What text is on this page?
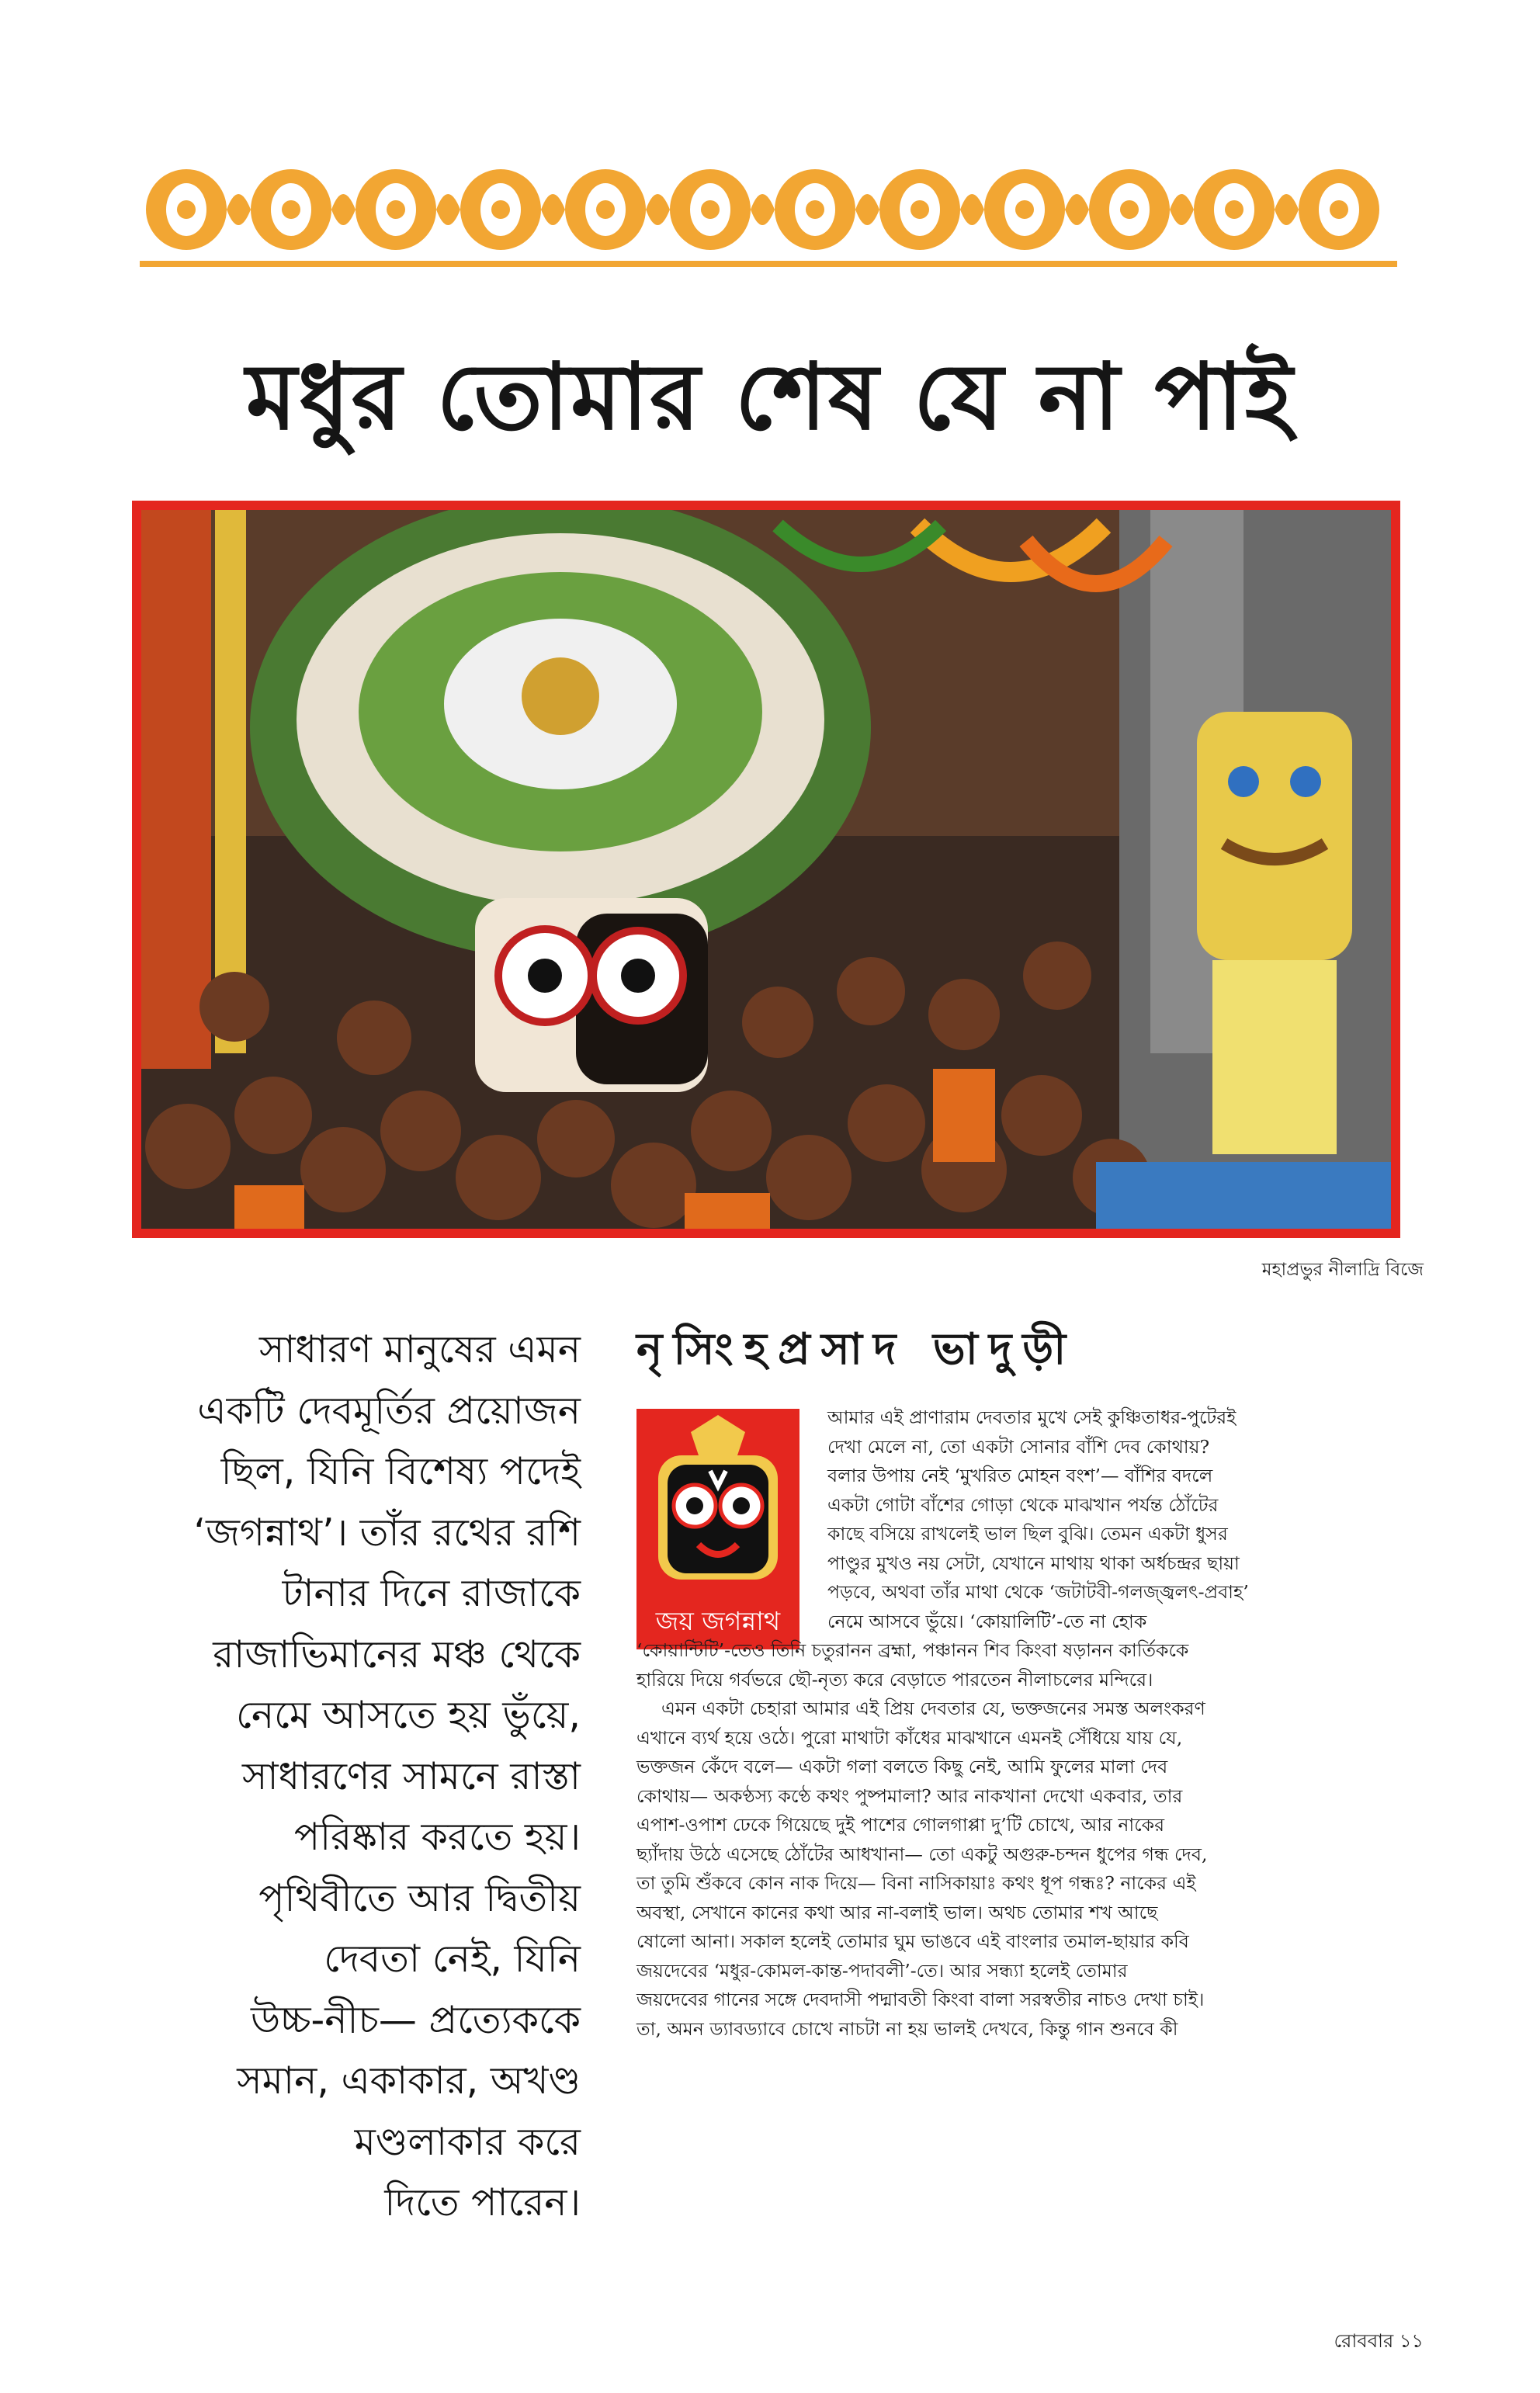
মধুর তোমার শেষ যে না পাই
মহাপ্রভুর নীলাদ্রি বিজে
সাধারণ মানুষের এমন
একটি দেবমূর্তির প্রয়োজন
ছিল, যিনি বিশেষ্য পদেই
‘জগন্নাথ’। তাঁর রথের রশি
টানার দিনে রাজাকে
রাজাভিমানের মঞ্চ থেকে
নেমে আসতে হয় ভুঁয়ে,
সাধারণের সামনে রাস্তা
পরিষ্কার করতে হয়।
পৃথিবীতে আর দ্বিতীয়
দেবতা নেই, যিনি
উচ্চ-নীচ— প্রত্যেককে
সমান, একাকার, অখণ্ড
মণ্ডলাকার করে
দিতে পারেন।
নৃসিংহপ্রসাদ ভাদুড়ী
জয় জগন্নাথ
আমার এই প্রাণারাম দেবতার মুখে সেই কুঞ্চিতাধর-পুটেরই
দেখা মেলে না, তো একটা সোনার বাঁশি দেব কোথায়?
বলার উপায় নেই ‘মুখরিত মোহন বংশ’— বাঁশির বদলে
একটা গোটা বাঁশের গোড়া থেকে মাঝখান পর্যন্ত ঠোঁটের
কাছে বসিয়ে রাখলেই ভাল ছিল বুঝি। তেমন একটা ধুসর
পাণ্ডুর মুখও নয় সেটা, যেখানে মাথায় থাকা অর্ধচন্দ্রর ছায়া
পড়বে, অথবা তাঁর মাথা থেকে ‘জটাটবী-গলজ্জ্বলৎ-প্রবাহ’
নেমে আসবে ভুঁয়ে। ‘কোয়ালিটি’-তে না হোক
‘কোয়ান্টিটি’-তেও তিনি চতুরানন ব্রহ্মা, পঞ্চানন শিব কিংবা ষড়ানন কার্তিককে
হারিয়ে দিয়ে গর্বভরে ছৌ-নৃত্য করে বেড়াতে পারতেন নীলাচলের মন্দিরে।
এমন একটা চেহারা আমার এই প্রিয় দেবতার যে, ভক্তজনের সমস্ত অলংকরণ
এখানে ব্যর্থ হয়ে ওঠে। পুরো মাথাটা কাঁধের মাঝখানে এমনই সেঁধিয়ে যায় যে,
ভক্তজন কেঁদে বলে— একটা গলা বলতে কিছু নেই, আমি ফুলের মালা দেব
কোথায়— অকণ্ঠস্য কণ্ঠে কথং পুষ্পমালা? আর নাকখানা দেখো একবার, তার
এপাশ-ওপাশ ঢেকে গিয়েছে দুই পাশের গোলগাপ্পা দু’টি চোখে, আর নাকের
ছ্যাঁদায় উঠে এসেছে ঠোঁটের আধখানা— তো একটু অগুরু-চন্দন ধুপের গন্ধ দেব,
তা তুমি শুঁকবে কোন নাক দিয়ে— বিনা নাসিকায়াঃ কথং ধূপ গন্ধঃ? নাকের এই
অবস্থা, সেখানে কানের কথা আর না-বলাই ভাল। অথচ তোমার শখ আছে
ষোলো আনা। সকাল হলেই তোমার ঘুম ভাঙবে এই বাংলার তমাল-ছায়ার কবি
জয়দেবের ‘মধুর-কোমল-কান্ত-পদাবলী’-তে। আর সন্ধ্যা হলেই তোমার
জয়দেবের গানের সঙ্গে দেবদাসী পদ্মাবতী কিংবা বালা সরস্বতীর নাচও দেখা চাই।
তা, অমন ড্যাবড্যাবে চোখে নাচটা না হয় ভালই দেখবে, কিন্তু গান শুনবে কী
রোববার ১১
